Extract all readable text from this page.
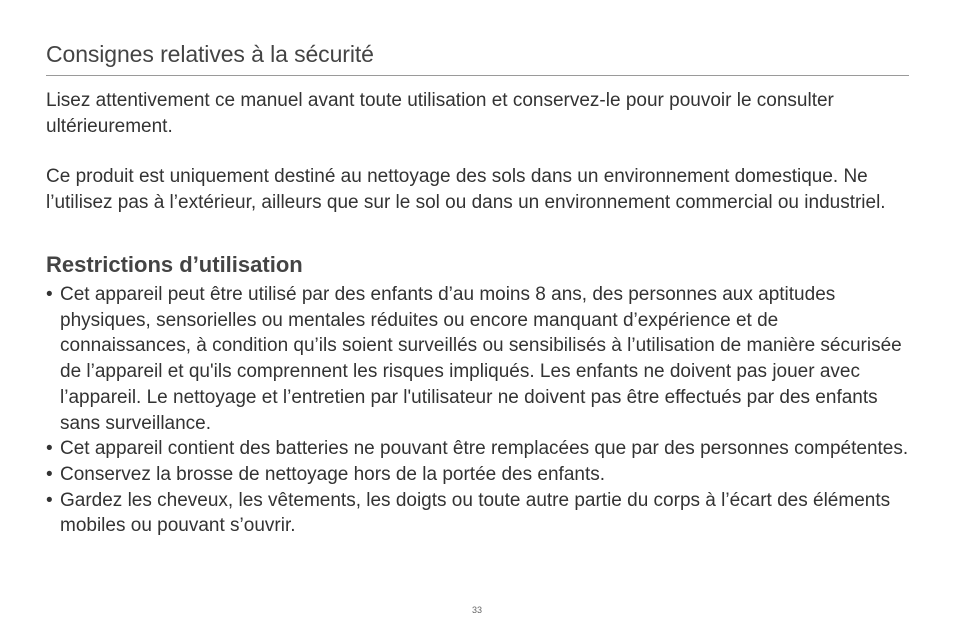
Consignes relatives à la sécurité

Lisez attentivement ce manuel avant toute utilisation et conservez-le pour pouvoir le consulter ultérieurement.

Ce produit est uniquement destiné au nettoyage des sols dans un environnement domestique. Ne l’utilisez pas à l’extérieur, ailleurs que sur le sol ou dans un environnement commercial ou industriel.

Restrictions d’utilisation
• Cet appareil peut être utilisé par des enfants d’au moins 8 ans, des personnes aux aptitudes physiques, sensorielles ou mentales réduites ou encore manquant d’expérience et de connaissances, à condition qu’ils soient surveillés ou sensibilisés à l’utilisation de manière sécurisée de l’appareil et qu'ils comprennent les risques impliqués. Les enfants ne doivent pas jouer avec l’appareil. Le nettoyage et l’entretien par l'utilisateur ne doivent pas être effectués par des enfants sans surveillance.
• Cet appareil contient des batteries ne pouvant être remplacées que par des personnes compétentes.
• Conservez la brosse de nettoyage hors de la portée des enfants.
• Gardez les cheveux, les vêtements, les doigts ou toute autre partie du corps à l’écart des éléments mobiles ou pouvant s’ouvrir.
33
